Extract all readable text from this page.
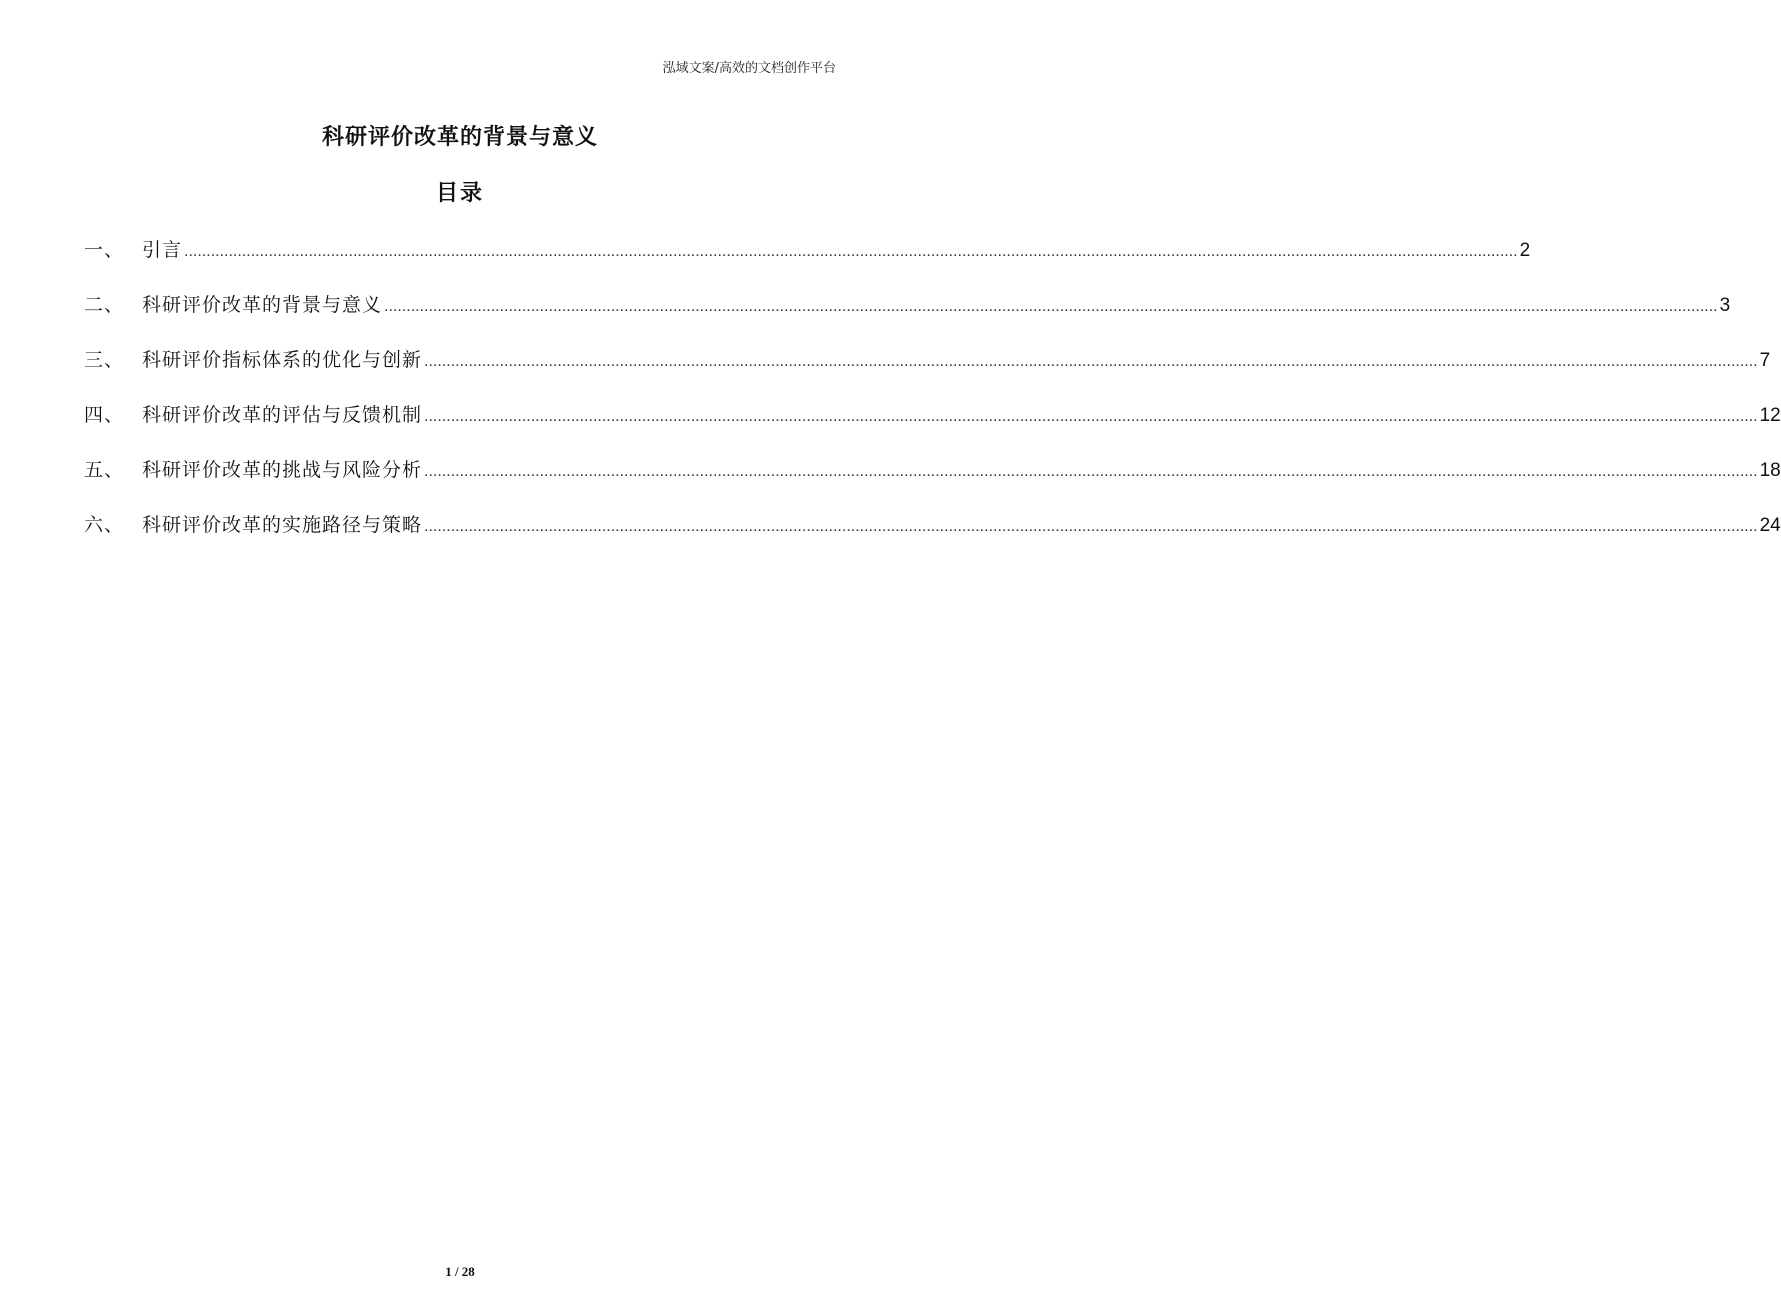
泓域文案/高效的文档创作平台
科研评价改革的背景与意义
目录
一、 引言 ............................................................................................................................................................................................................................................................................................................ 2
二、 科研评价改革的背景与意义 ............................................................................................................................................................................................................................................................................................................ 3
三、 科研评价指标体系的优化与创新 ............................................................................................................................................................................................................................................................................................................ 7
四、 科研评价改革的评估与反馈机制 ............................................................................................................................................................................................................................................................................................................ 12
五、 科研评价改革的挑战与风险分析 ............................................................................................................................................................................................................................................................................................................ 18
六、 科研评价改革的实施路径与策略 ............................................................................................................................................................................................................................................................................................................ 24
1 / 28
